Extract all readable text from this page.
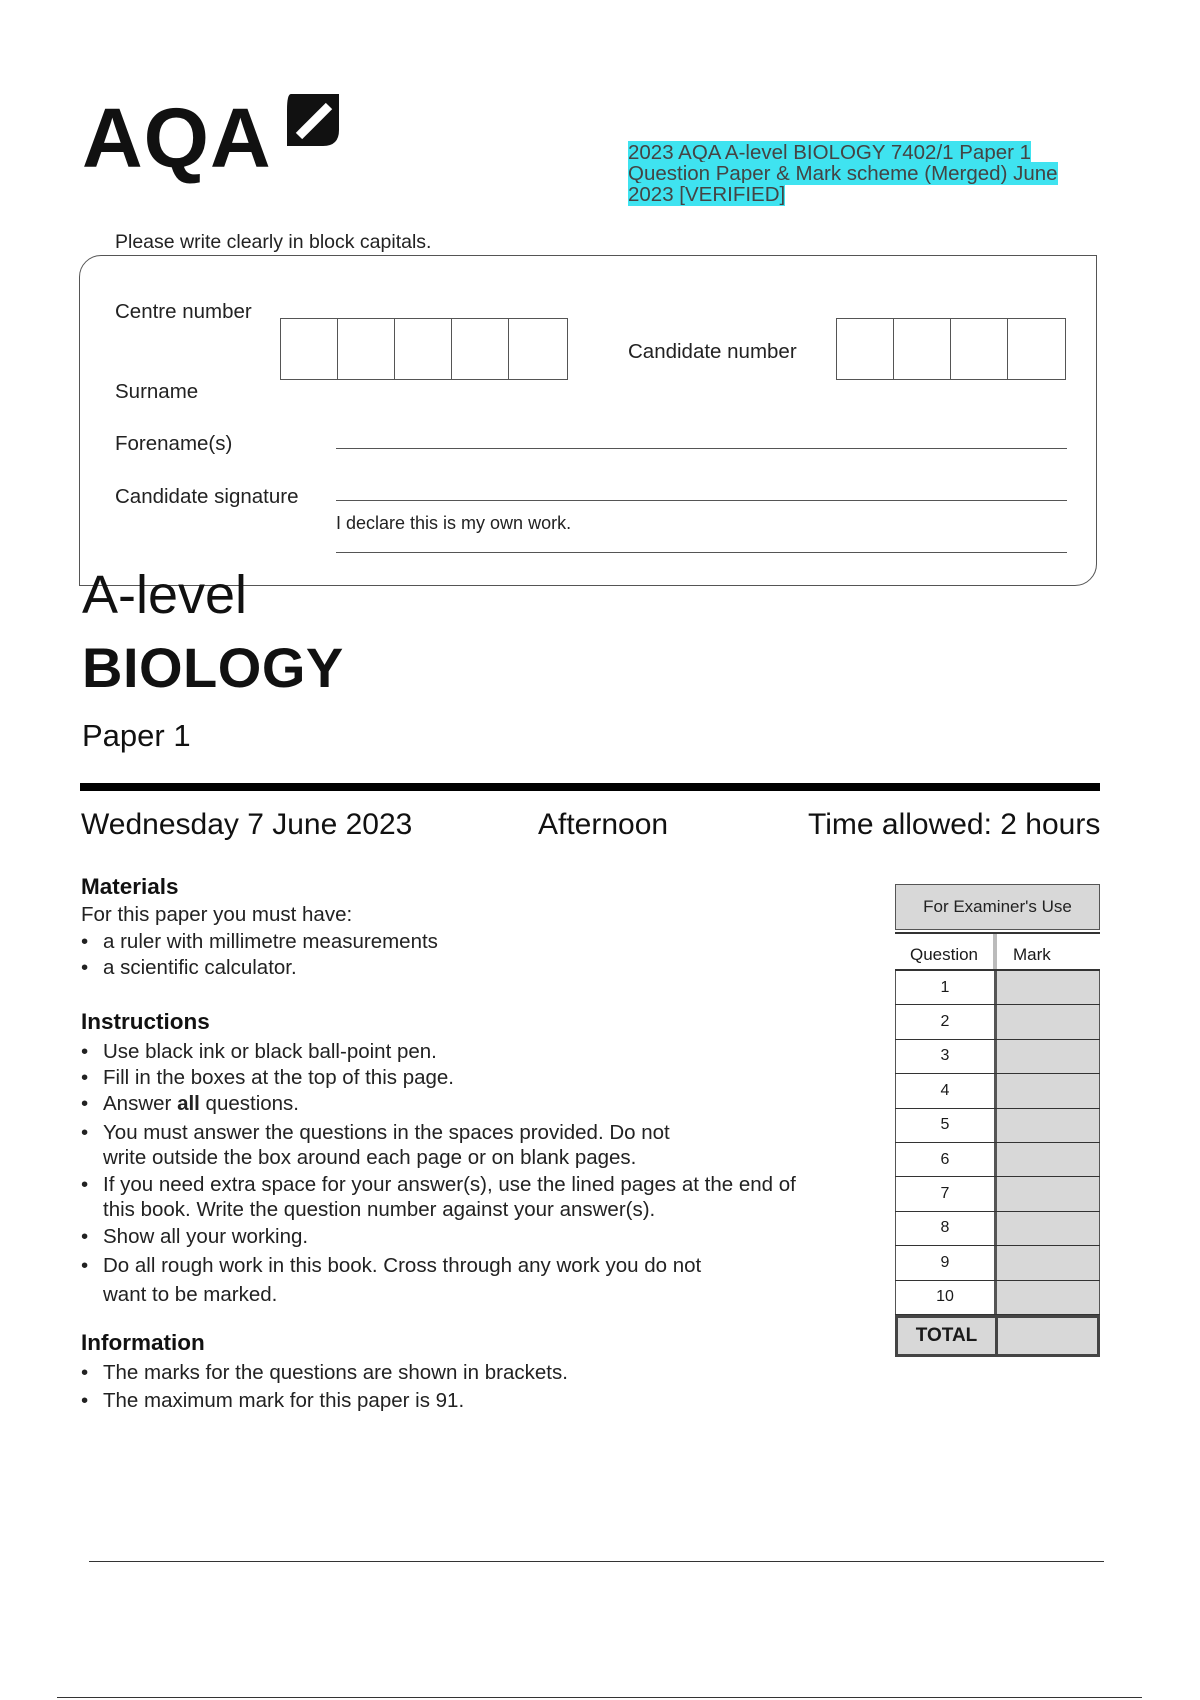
AQA	2023 AQA A-level BIOLOGY 7402/1 Paper 1 Question Paper & Mark scheme (Merged) June 2023 [VERIFIED]
Please write clearly in block capitals.
Centre number
Candidate number
Surname
Forename(s)
Candidate signature
I declare this is my own work.
A-level
BIOLOGY
Paper 1
Wednesday 7 June 2023	Afternoon	Time allowed: 2 hours
Materials
For this paper you must have:
• a ruler with millimetre measurements
• a scientific calculator.
Instructions
• Use black ink or black ball-point pen.
• Fill in the boxes at the top of this page.
• Answer all questions.
• You must answer the questions in the spaces provided. Do not
write outside the box around each page or on blank pages.
• If you need extra space for your answer(s), use the lined pages at the end of
this book. Write the question number against your answer(s).
• Show all your working.
• Do all rough work in this book. Cross through any work you do not
want to be marked.
Information
• The marks for the questions are shown in brackets.
• The maximum mark for this paper is 91.
For Examiner's Use
Question	Mark
1
2
3
4
5
6
7
8
9
10
TOTAL
